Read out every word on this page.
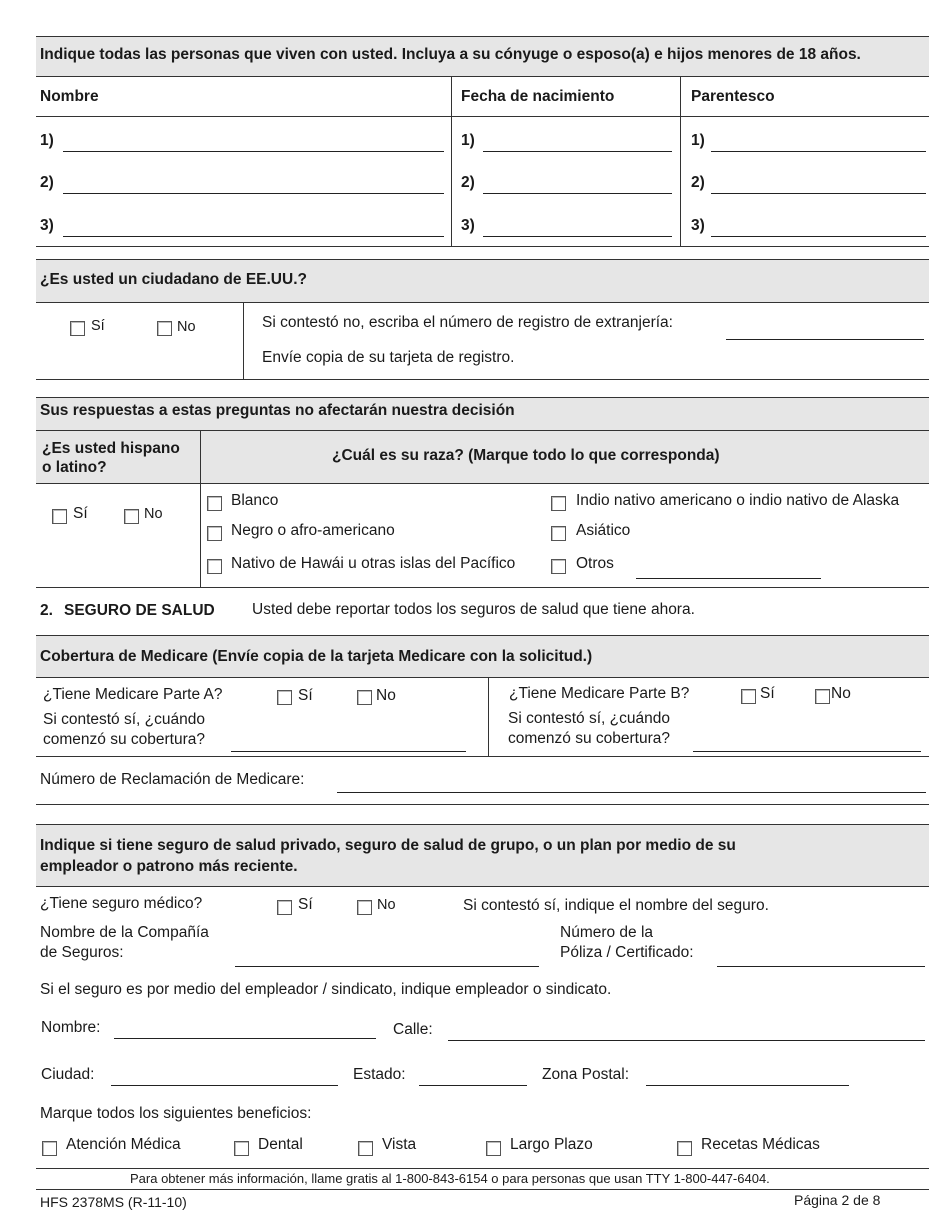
Indique todas las personas que viven con usted. Incluya a su cónyuge o esposo(a) e hijos menores de 18 años.
Nombre	Fecha de nacimiento	Parentesco
1)	1)	1)
2)	2)	2)
3)	3)	3)
¿Es usted un ciudadano de EE.UU.?
Sí	No	Si contestó no, escriba el número de registro de extranjería:
Envíe copia de su tarjeta de registro.
Sus respuestas a estas preguntas no afectarán nuestra decisión
¿Es usted hispano
o latino?
¿Cuál es su raza? (Marque todo lo que corresponda)
Sí	No
Blanco
Negro o afro-americano
Nativo de Hawái u otras islas del Pacífico
Indio nativo americano o indio nativo de Alaska
Asiático
Otros
2. SEGURO DE SALUD Usted debe reportar todos los seguros de salud que tiene ahora.
Cobertura de Medicare (Envíe copia de la tarjeta Medicare con la solicitud.)
¿Tiene Medicare Parte A?	Sí	No
Si contestó sí, ¿cuándo
comenzó su cobertura?
¿Tiene Medicare Parte B?	Sí	No
Si contestó sí, ¿cuándo
comenzó su cobertura?
Número de Reclamación de Medicare:
Indique si tiene seguro de salud privado, seguro de salud de grupo, o un plan por medio de su
empleador o patrono más reciente.
¿Tiene seguro médico?	Sí	No	Si contestó sí, indique el nombre del seguro.
Nombre de la Compañía
de Seguros:
Número de la
Póliza / Certificado:
Si el seguro es por medio del empleador / sindicato, indique empleador o sindicato.
Nombre:	Calle:
Ciudad:	Estado:	Zona Postal:
Marque todos los siguientes beneficios:
Atención Médica	Dental	Vista	Largo Plazo	Recetas Médicas
Para obtener más información, llame gratis al 1-800-843-6154 o para personas que usan TTY 1-800-447-6404.
HFS 2378MS (R-11-10)	Página 2 de 8
